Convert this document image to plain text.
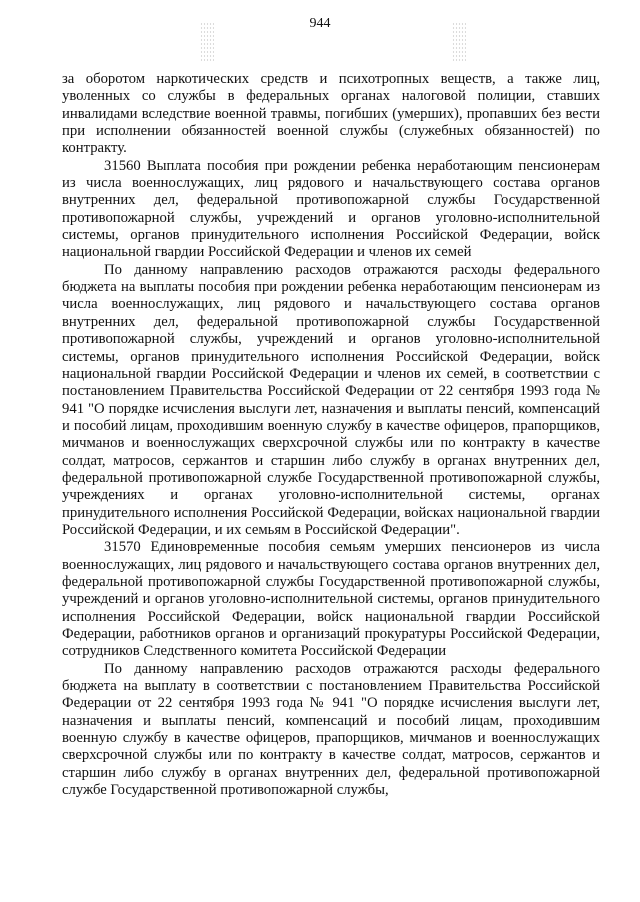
944

за оборотом наркотических средств и психотропных веществ, а также лиц, уволенных со службы в федеральных органах налоговой полиции, ставших инвалидами вследствие военной травмы, погибших (умерших), пропавших без вести при исполнении обязанностей военной службы (служебных обязанностей) по контракту.

31560 Выплата пособия при рождении ребенка неработающим пенсионерам из числа военнослужащих, лиц рядового и начальствующего состава органов внутренних дел, федеральной противопожарной службы Государственной противопожарной службы, учреждений и органов уголовно-исполнительной системы, органов принудительного исполнения Российской Федерации, войск национальной гвардии Российской Федерации и членов их семей

По данному направлению расходов отражаются расходы федерального бюджета на выплаты пособия при рождении ребенка неработающим пенсионерам из числа военнослужащих, лиц рядового и начальствующего состава органов внутренних дел, федеральной противопожарной службы Государственной противопожарной службы, учреждений и органов уголовно-исполнительной системы, органов принудительного исполнения Российской Федерации, войск национальной гвардии Российской Федерации и членов их семей, в соответствии с постановлением Правительства Российской Федерации от 22 сентября 1993 года № 941 "О порядке исчисления выслуги лет, назначения и выплаты пенсий, компенсаций и пособий лицам, проходившим военную службу в качестве офицеров, прапорщиков, мичманов и военнослужащих сверхсрочной службы или по контракту в качестве солдат, матросов, сержантов и старшин либо службу в органах внутренних дел, федеральной противопожарной службе Государственной противопожарной службы, учреждениях и органах уголовно-исполнительной системы, органах принудительного исполнения Российской Федерации, войсках национальной гвардии Российской Федерации, и их семьям в Российской Федерации".

31570 Единовременные пособия семьям умерших пенсионеров из числа военнослужащих, лиц рядового и начальствующего состава органов внутренних дел, федеральной противопожарной службы Государственной противопожарной службы, учреждений и органов уголовно-исполнительной системы, органов принудительного исполнения Российской Федерации, войск национальной гвардии Российской Федерации, работников органов и организаций прокуратуры Российской Федерации, сотрудников Следственного комитета Российской Федерации

По данному направлению расходов отражаются расходы федерального бюджета на выплату в соответствии с постановлением Правительства Российской Федерации от 22 сентября 1993 года № 941 "О порядке исчисления выслуги лет, назначения и выплаты пенсий, компенсаций и пособий лицам, проходившим военную службу в качестве офицеров, прапорщиков, мичманов и военнослужащих сверхсрочной службы или по контракту в качестве солдат, матросов, сержантов и старшин либо службу в органах внутренних дел, федеральной противопожарной службе Государственной противопожарной службы,
